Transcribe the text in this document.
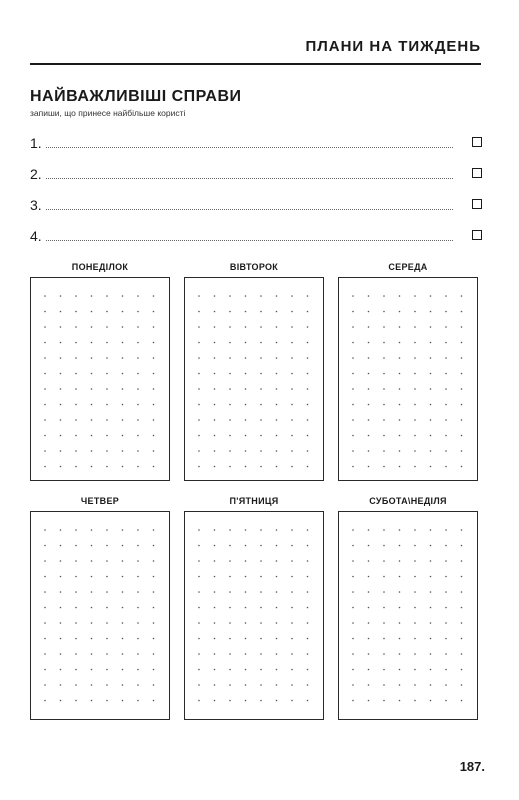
ПЛАНИ НА ТИЖДЕНЬ
НАЙВАЖЛИВІШІ СПРАВИ
запиши, що принесе найбільше користі
1.
2.
3.
4.
ПОНЕДІЛОК	ВІВТОРОК	СЕРЕДА
ЧЕТВЕР	П'ЯТНИЦЯ	СУБОТА\НЕДІЛЯ
187.
